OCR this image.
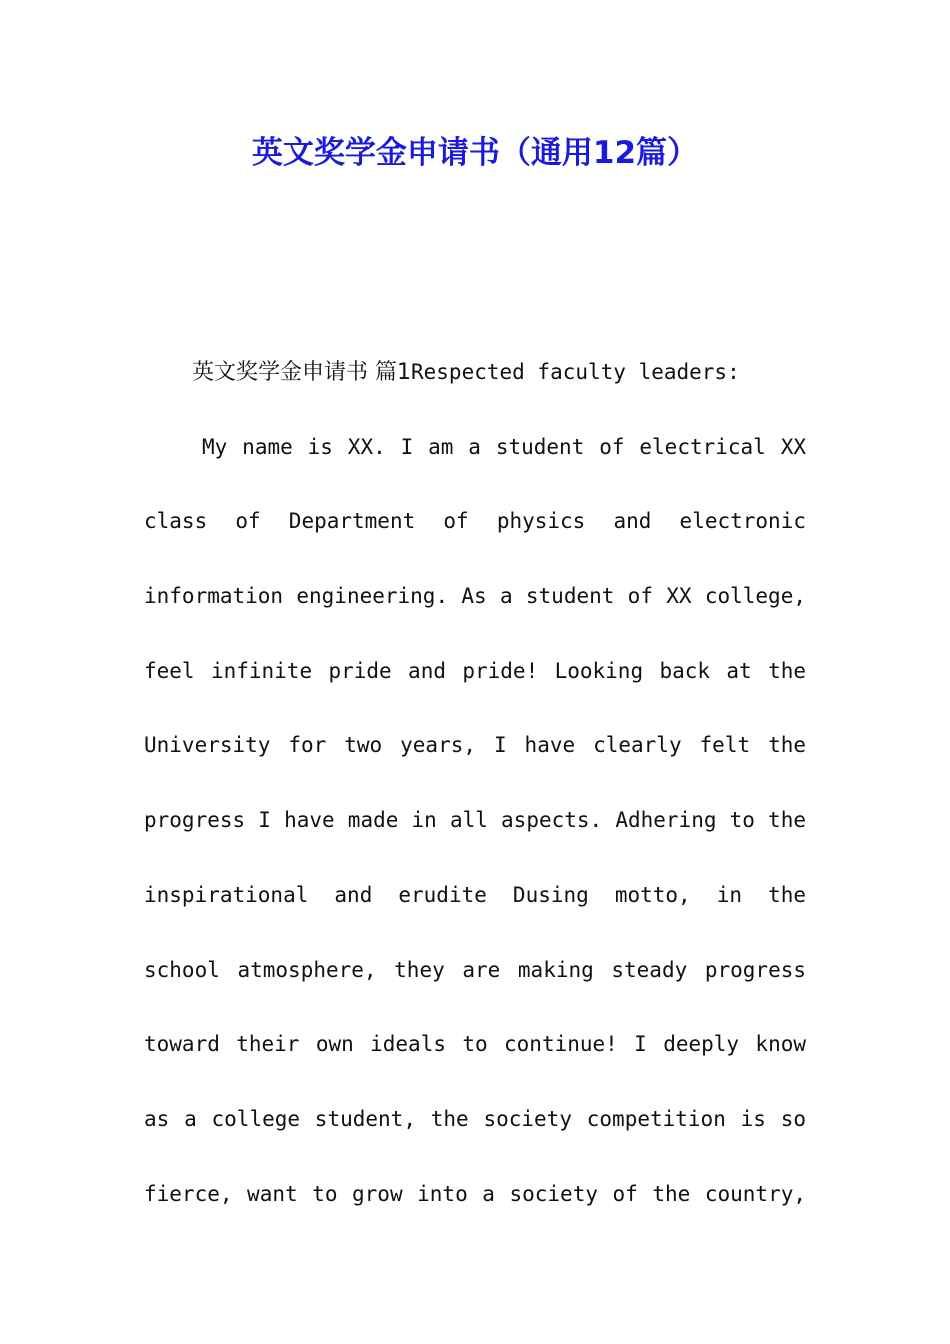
英文奖学金申请书（通用12篇）
英文奖学金申请书 篇1Respected faculty leaders:
My name is XX. I am a student of electrical XX
class of Department of physics and electronic
information engineering. As a student of XX college,
feel infinite pride and pride! Looking back at the
University for two years, I have clearly felt the
progress I have made in all aspects. Adhering to the
inspirational and erudite Dusing motto, in the
school atmosphere, they are making steady progress
toward their own ideals to continue! I deeply know
as a college student, the society competition is so
fierce, want to grow into a society of the country,
